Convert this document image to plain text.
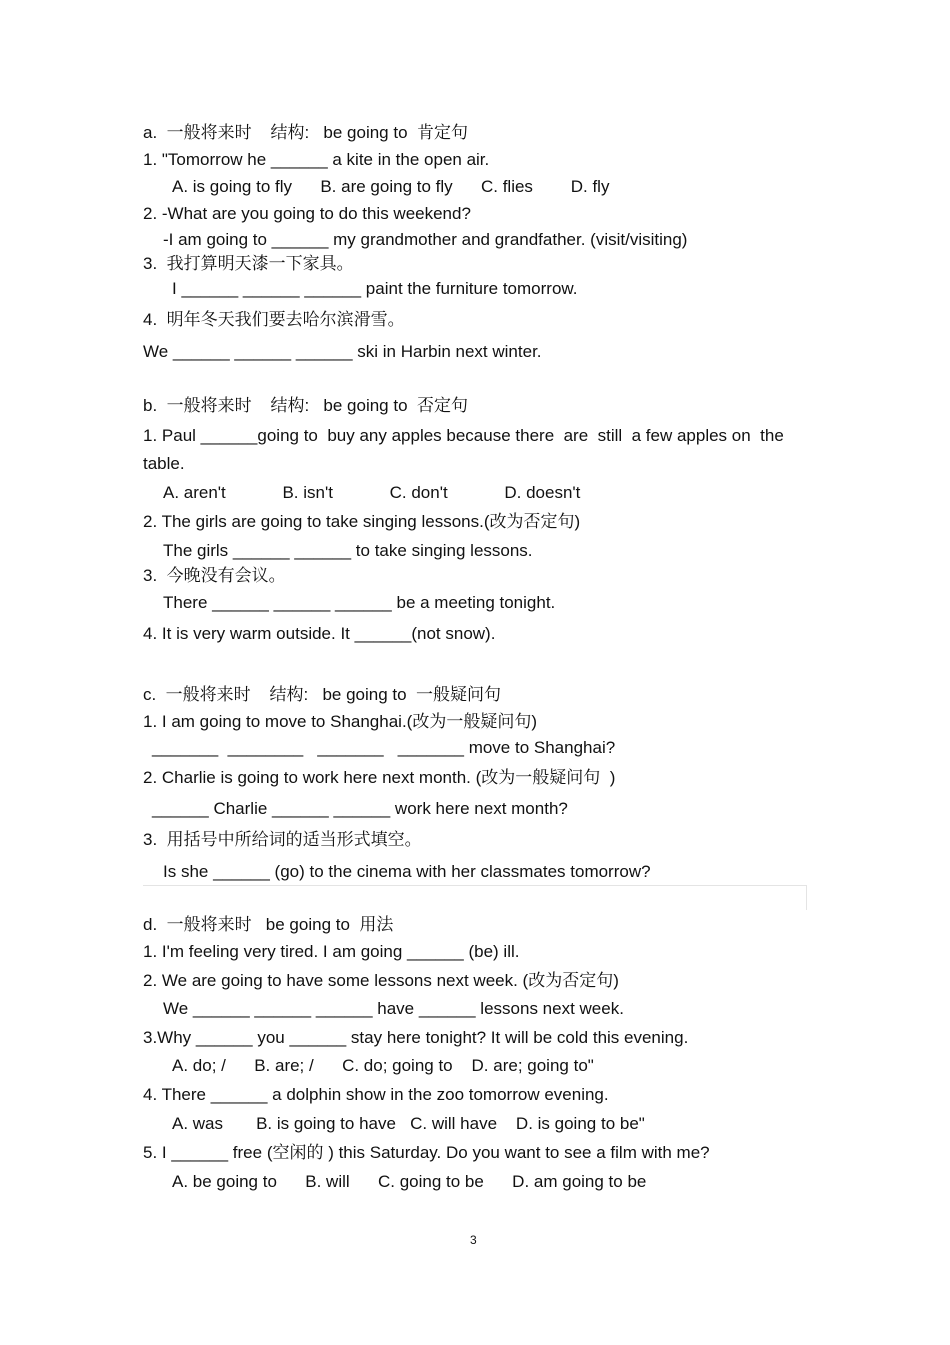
a.  一般将来时    结构:   be going to  肯定句
1. "Tomorrow he ______ a kite in the open air.
A. is going to fly      B. are going to fly      C. flies        D. fly
2. -What are you going to do this weekend?
-I am going to ______ my grandmother and grandfather. (visit/visiting)
3.  我打算明天漆一下家具。
I ______ ______ ______ paint the furniture tomorrow.
4.  明年冬天我们要去哈尔滨滑雪。
We ______ ______ ______ ski in Harbin next winter.
b.  一般将来时    结构:   be going to  否定句
1. Paul ______going to  buy any apples because there  are  still  a few apples on  the
table.
A. aren't            B. isn't            C. don't            D. doesn't
2. The girls are going to take singing lessons.(改为否定句)
The girls ______ ______ to take singing lessons.
3.  今晚没有会议。
There ______ ______ ______ be a meeting tonight.
4. It is very warm outside. It ______(not snow).
c.  一般将来时    结构:   be going to  一般疑问句
1. I am going to move to Shanghai.(改为一般疑问句)
_______  ________   _______   _______ move to Shanghai?
2. Charlie is going to work here next month. (改为一般疑问句  )
______ Charlie ______ ______ work here next month?
3.  用括号中所给词的适当形式填空。
Is she ______ (go) to the cinema with her classmates tomorrow?
d.  一般将来时   be going to  用法
1. I'm feeling very tired. I am going ______ (be) ill.
2. We are going to have some lessons next week. (改为否定句)
We ______ ______ ______ have ______ lessons next week.
3.Why ______ you ______ stay here tonight? It will be cold this evening.
A. do; /      B. are; /      C. do; going to    D. are; going to"
4. There ______ a dolphin show in the zoo tomorrow evening.
A. was       B. is going to have   C. will have    D. is going to be"
5. I ______ free (空闲的 ) this Saturday. Do you want to see a film with me?
A. be going to      B. will      C. going to be      D. am going to be
3
